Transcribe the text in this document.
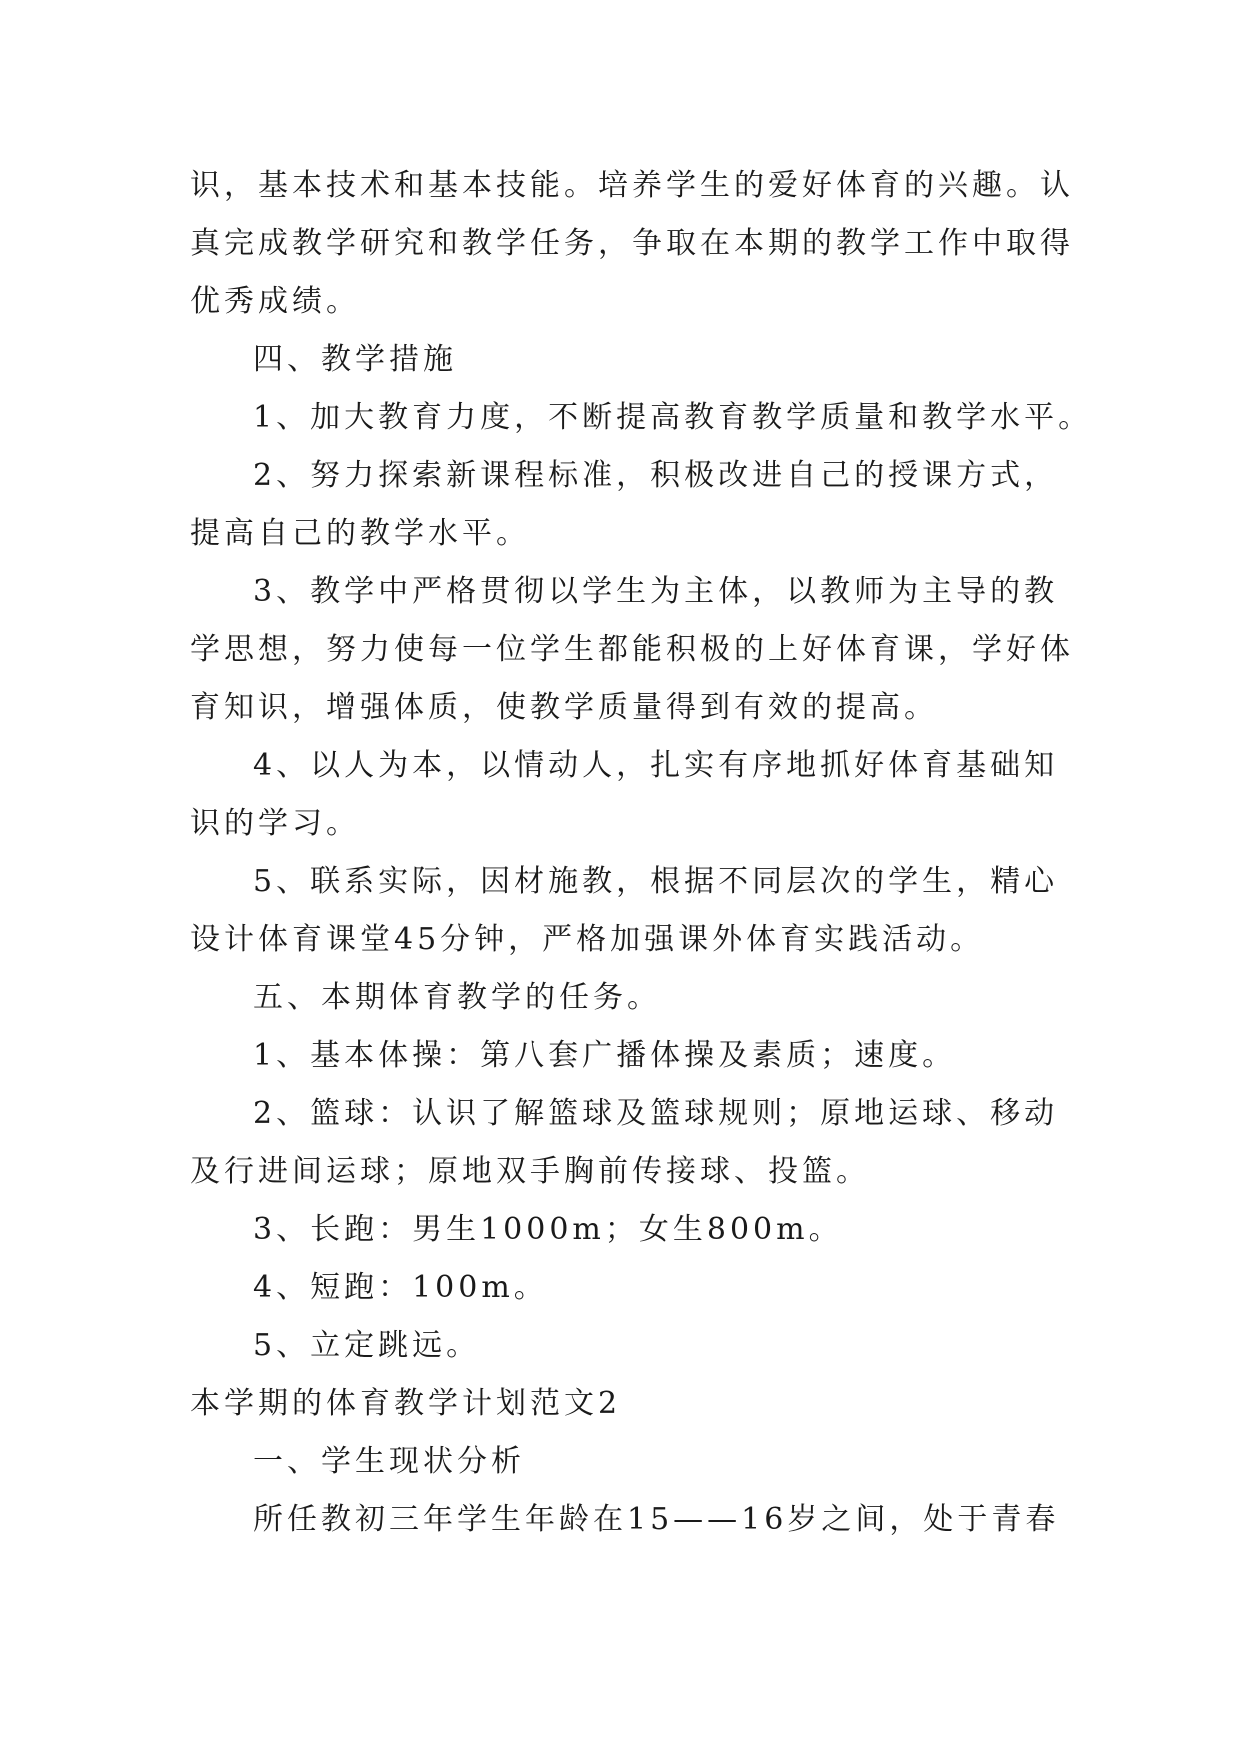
识，基本技术和基本技能。培养学生的爱好体育的兴趣。认
真完成教学研究和教学任务，争取在本期的教学工作中取得
优秀成绩。
四、教学措施
1、加大教育力度，不断提高教育教学质量和教学水平。
2、努力探索新课程标准，积极改进自己的授课方式，
提高自己的教学水平。
3、教学中严格贯彻以学生为主体，以教师为主导的教
学思想，努力使每一位学生都能积极的上好体育课，学好体
育知识，增强体质，使教学质量得到有效的提高。
4、以人为本，以情动人，扎实有序地抓好体育基础知
识的学习。
5、联系实际，因材施教，根据不同层次的学生，精心
设计体育课堂45分钟，严格加强课外体育实践活动。
五、本期体育教学的任务。
1、基本体操：第八套广播体操及素质；速度。
2、篮球：认识了解篮球及篮球规则；原地运球、移动
及行进间运球；原地双手胸前传接球、投篮。
3、长跑：男生1000m；女生800m。
4、短跑：100m。
5、立定跳远。
本学期的体育教学计划范文2
一、学生现状分析
所任教初三年学生年龄在15——16岁之间，处于青春
